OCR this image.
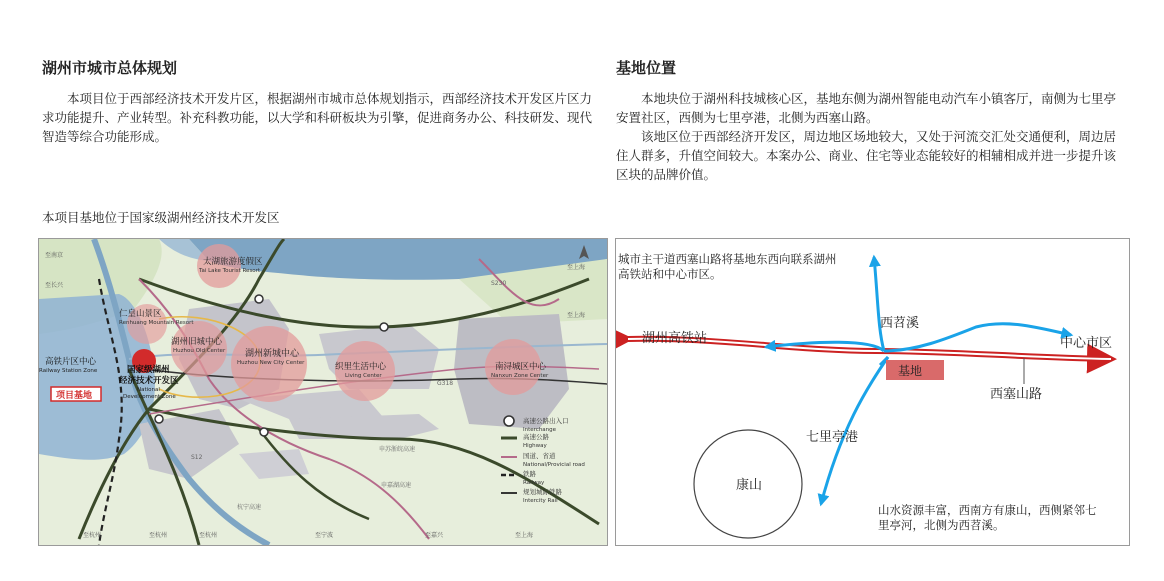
湖州市城市总体规划

本项目位于西部经济技术开发片区，根据湖州市城市总体规划指示，西部经济技术开发区片区力求功能提升、产业转型。补充科教功能，以大学和科研板块为引擎，促进商务办公、科技研发、现代智造等综合功能形成。

基地位置

本地块位于湖州科技城核心区，基地东侧为湖州智能电动汽车小镇客厅，南侧为七里亭安置社区，西侧为七里亭港，北侧为西塞山路。

该地区位于西部经济开发区，周边地区场地较大，又处于河流交汇处交通便利，周边居住人群多，升值空间较大。本案办公、商业、住宅等业态能较好的相辅相成并进一步提升该区块的品牌价值。

本项目基地位于国家级湖州经济技术开发区
高速公路出入口
Interchange
高速公路
Highway
国道、省道
National/Provicial road
铁路
Railway
规划城际铁路
Intercity Rail
太湖旅游度假区
Tai Lake Tourist Resort
仁皇山景区
Renhuang Mountain Resort
湖州旧城中心
Huzhou Old Center 湖州新城中心
Huzhou New City Center	织里生活中心
Living Center
南浔城区中心
Nanxun Zone Center
高铁片区中心
Railway Station Zone	国家级湖州
经济技术开发区
National
Development Zone
项目基地
至南京
至长兴
至上海
至上海
至杭州	至杭州	至杭州	至宁波	至嘉兴	至上海
S230
G318
S12
申苏浙皖高速
申嘉湖高速
杭宁高速
城市主干道西塞山路将基地东西向联系湖州
高铁站和中心市区。
基地
湖州高铁站	中心市区
西苕溪
七里亭港
西塞山路
康山
山水资源丰富，西南方有康山，西侧紧邻七
里亭河，北侧为西苕溪。
